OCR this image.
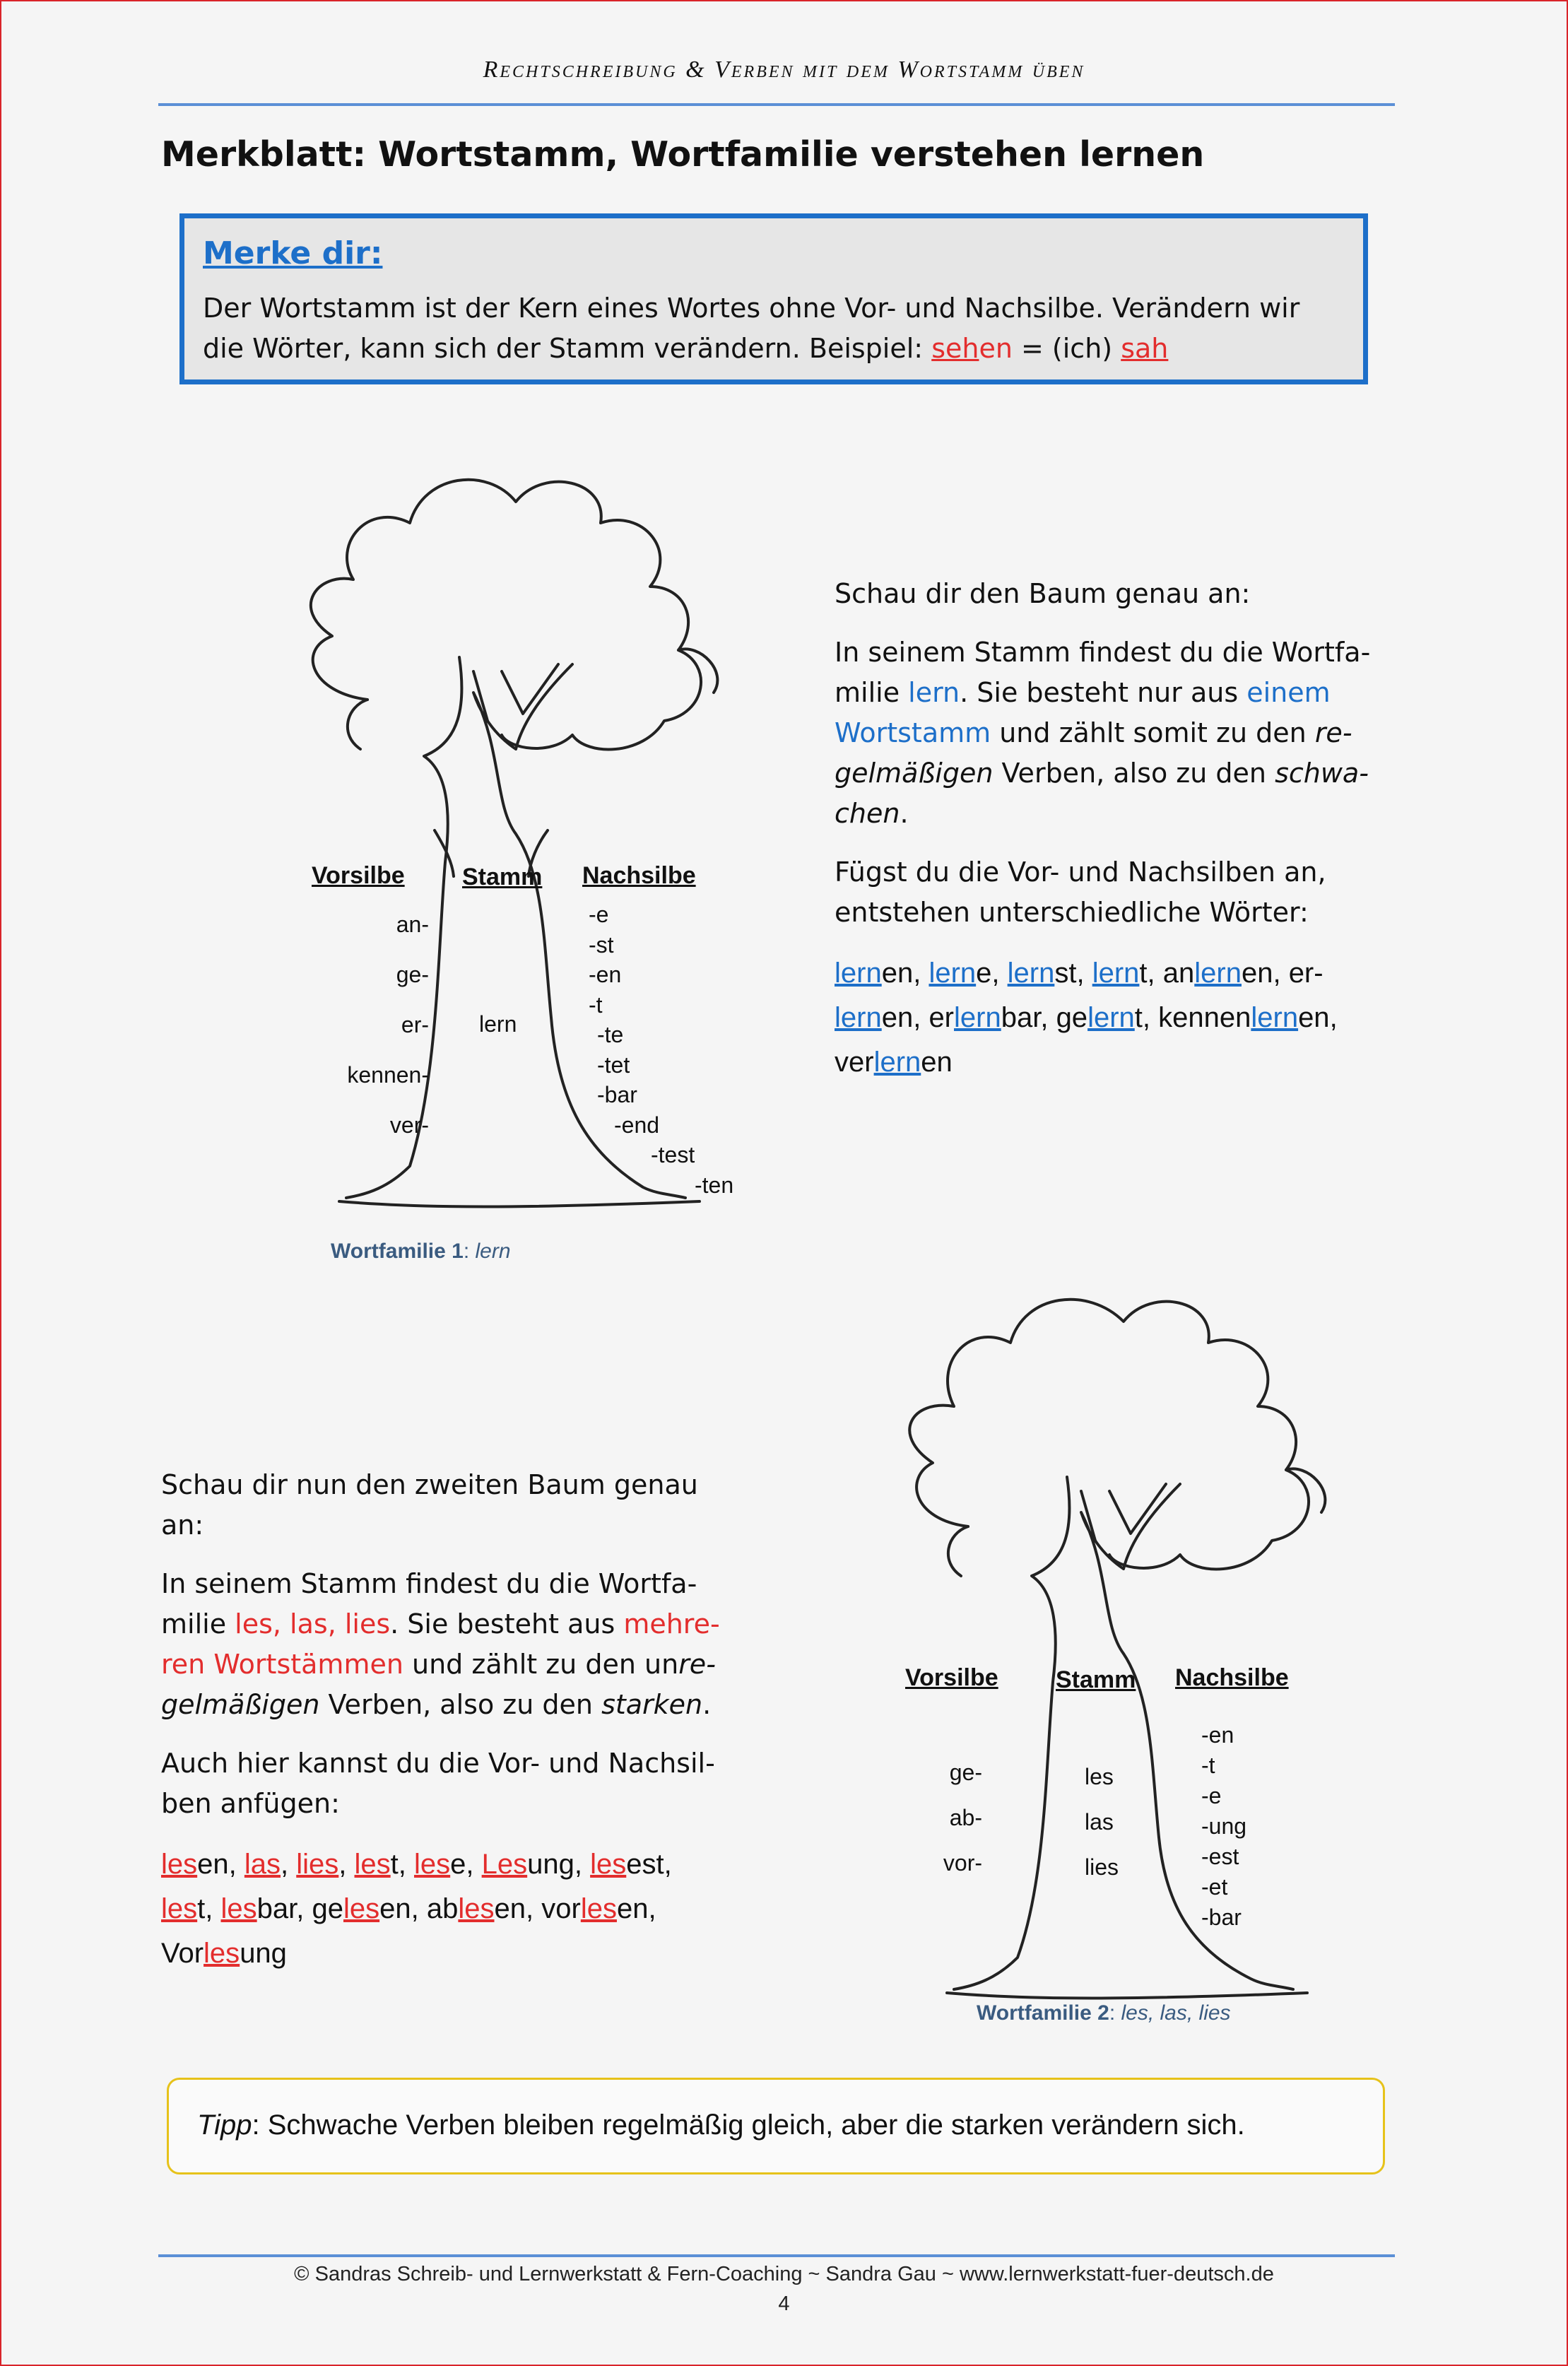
Rechtschreibung & Verben mit dem Wortstamm üben
Merkblatt: Wortstamm, Wortfamilie verstehen lernen
Merke dir:
Der Wortstamm ist der Kern eines Wortes ohne Vor- und Nachsilbe. Verändern wir die Wörter, kann sich der Stamm verändern. Beispiel: sehen = (ich) sah
Vorsilbe Stamm Nachsilbe
an-
ge-
er-
kennen-
ver-
lern
-e
-st
-en
-t
-te
-tet
-bar
-end
-test
-ten
Wortfamilie 1: lern

Schau dir den Baum genau an:

In seinem Stamm findest du die Wortfa-milie lern. Sie besteht nur aus einem Wortstamm und zählt somit zu den re-gelmäßigen Verben, also zu den schwa-chen.

Fügst du die Vor- und Nachsilben an, entstehen unterschiedliche Wörter:

lernen, lerne, lernst, lernt, anlernen, er- lernen, erlernbar, gelernt, kennenlernen, verlernen
Vorsilbe Stamm Nachsilbe
ge-
ab-
vor-
les
las
lies
-en
-t
-e
-ung
-est
-et
-bar
Wortfamilie 2: les, las, lies

Schau dir nun den zweiten Baum genau an:

In seinem Stamm findest du die Wortfa-milie les, las, lies. Sie besteht aus mehre-ren Wortstämmen und zählt zu den unre-gelmäßigen Verben, also zu den starken.

Auch hier kannst du die Vor- und Nachsil-ben anfügen:

lesen, las, lies, lest, lese, Lesung, lesest, lest, lesbar, gelesen, ablesen, vorlesen, Vorlesung
Tipp: Schwache Verben bleiben regelmäßig gleich, aber die starken verändern sich.
© Sandras Schreib- und Lernwerkstatt & Fern-Coaching ~ Sandra Gau ~ www.lernwerkstatt-fuer-deutsch.de
4
